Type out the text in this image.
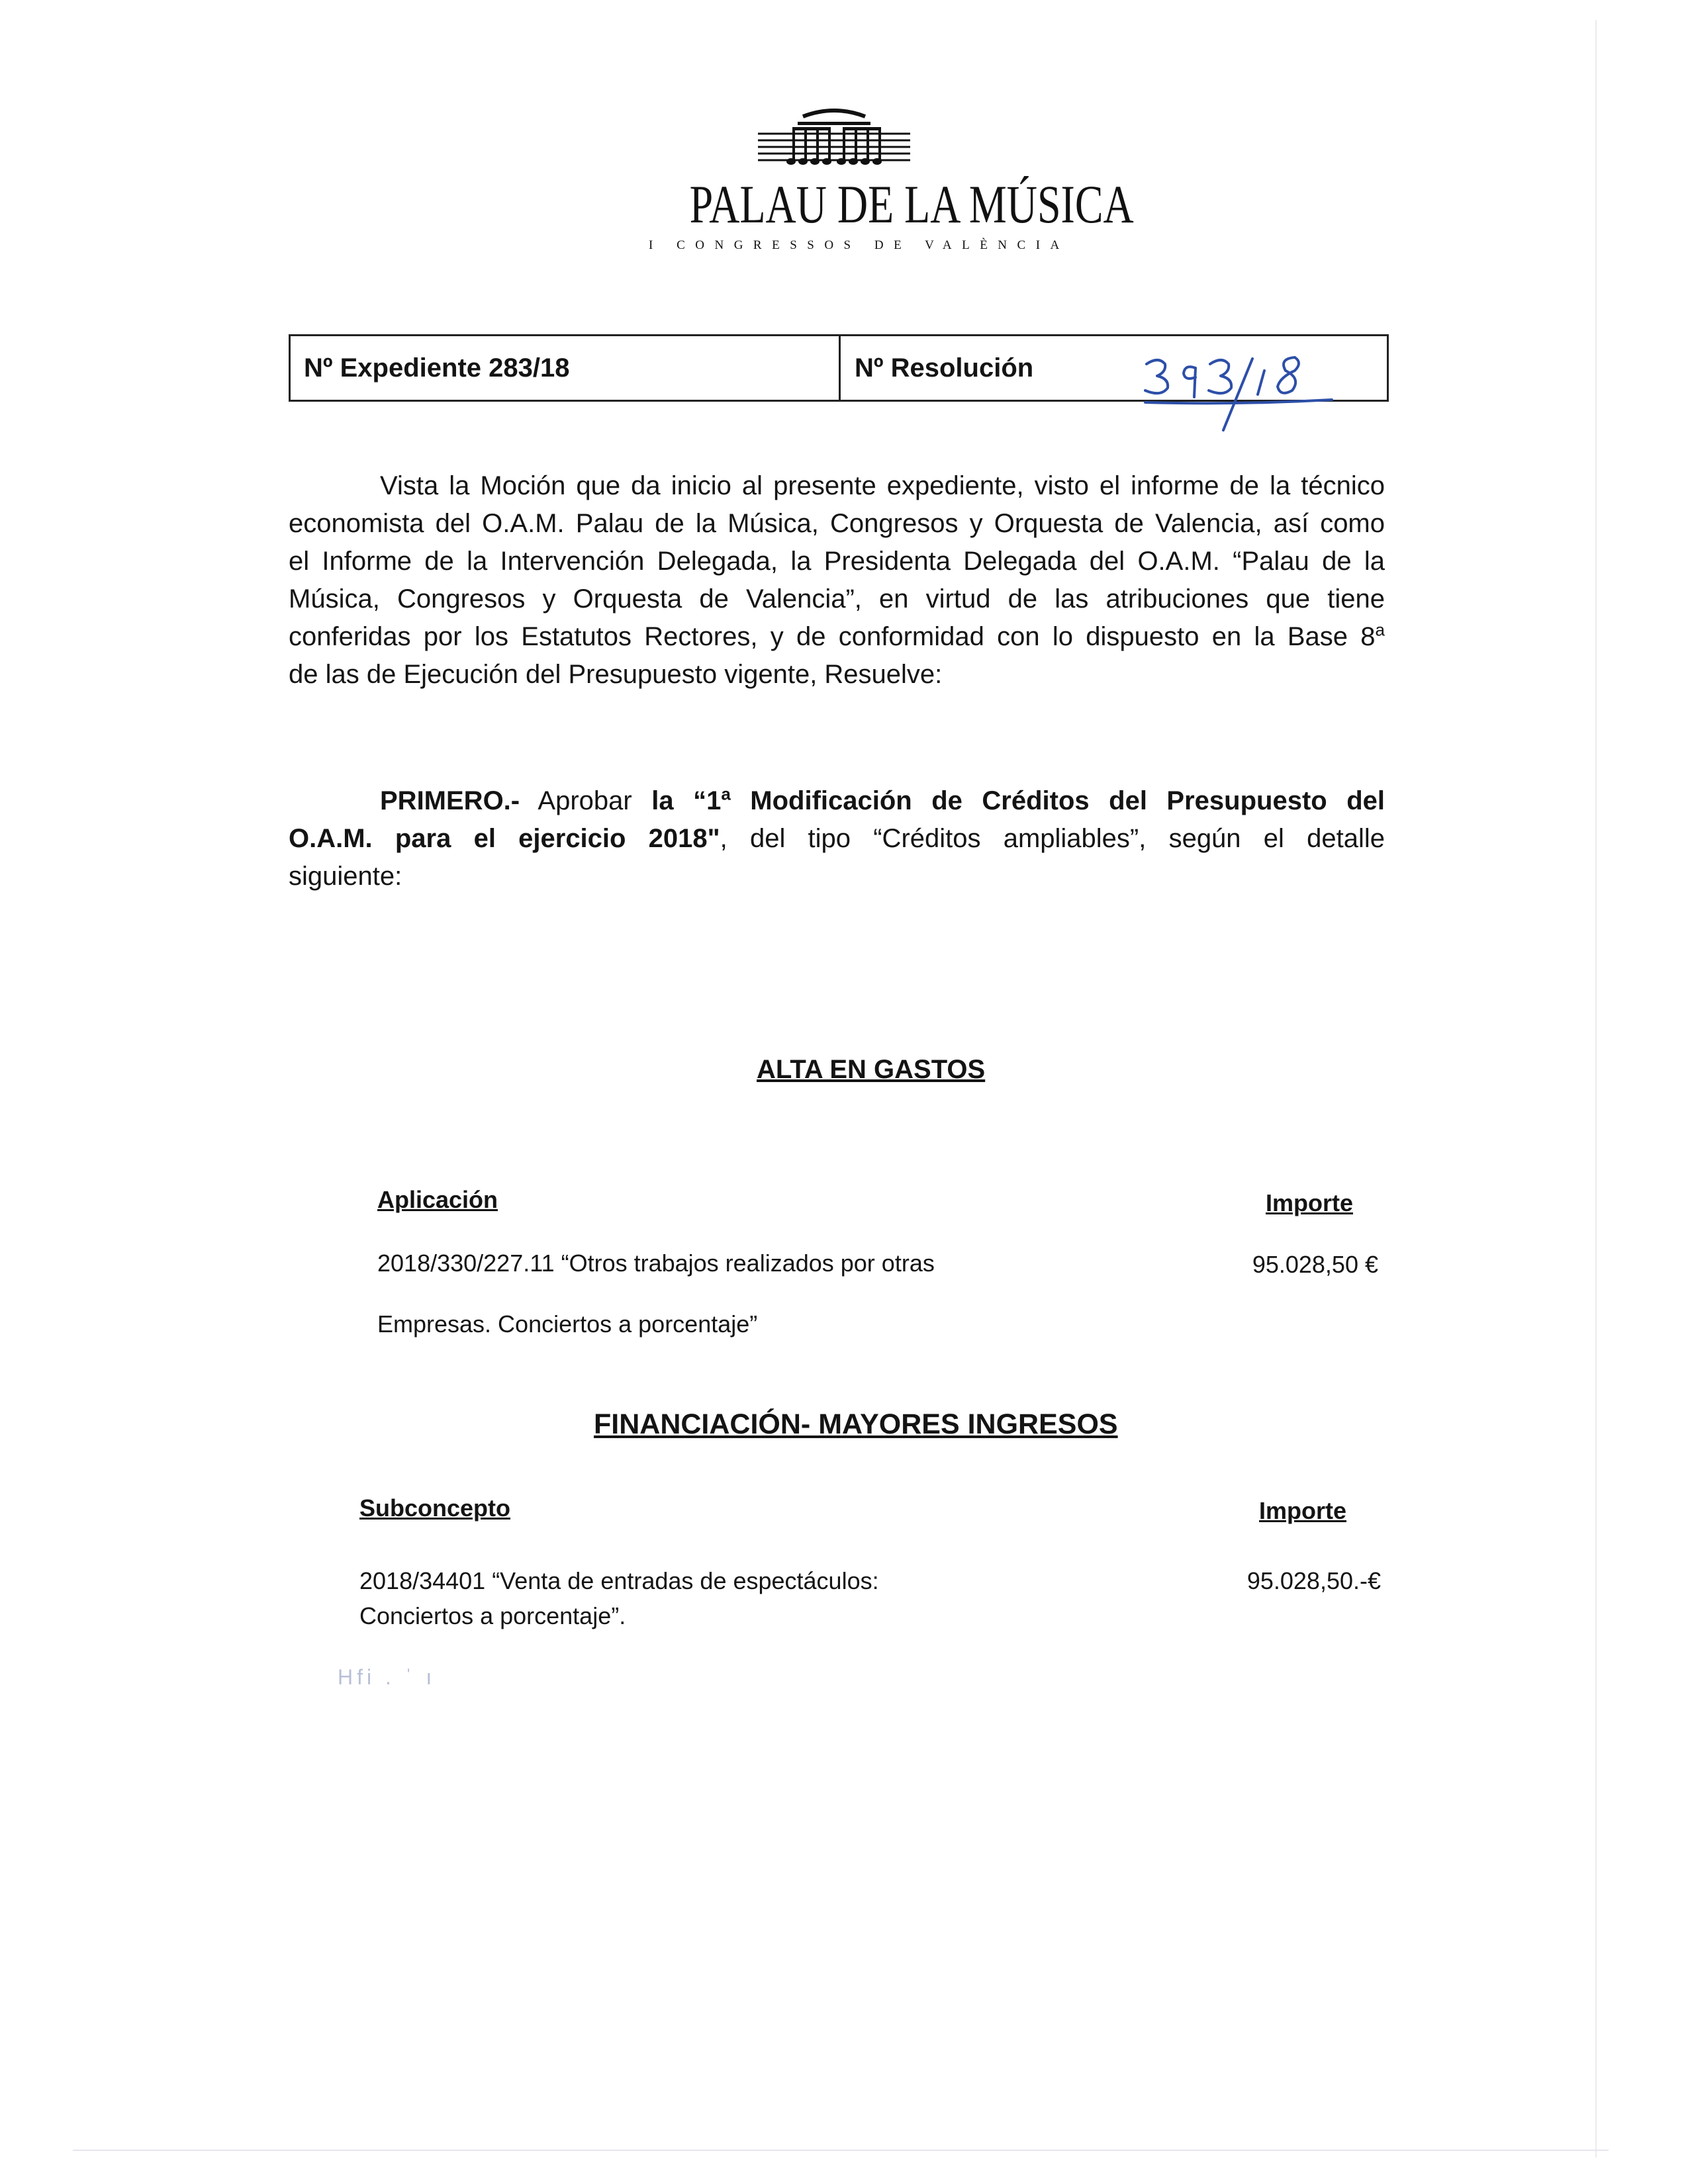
PALAU DE LA MÚSICA
I CONGRESSOS DE VALÈNCIA
Nº Expediente 283/18	Nº Resolución
Vista la Moción que da inicio al presente expediente, visto el informe de la técnico
economista del O.A.M. Palau de la Música, Congresos y Orquesta de Valencia, así como
el Informe de la Intervención Delegada, la Presidenta Delegada del O.A.M. “Palau de la
Música, Congresos y Orquesta de Valencia”, en virtud de las atribuciones que tiene
conferidas por los Estatutos Rectores, y de conformidad con lo dispuesto en la Base 8$^a$
de las de Ejecución del Presupuesto vigente, Resuelve:
PRIMERO.- Aprobar la “1$^a$ Modificación de Créditos del Presupuesto del
O.A.M. para el ejercicio 2018", del tipo “Créditos ampliables”, según el detalle
siguiente:
ALTA EN GASTOS
Aplicación	Importe
2018/330/227.11 “Otros trabajos realizados por otras	95.028,50 €
Empresas. Conciertos a porcentaje”
FINANCIACIÓN- MAYORES INGRESOS
Subconcepto	Importe
2018/34401 “Venta de entradas de espectáculos:	95.028,50.-€
Conciertos a porcentaje”.
Hfi . ˈ ı
